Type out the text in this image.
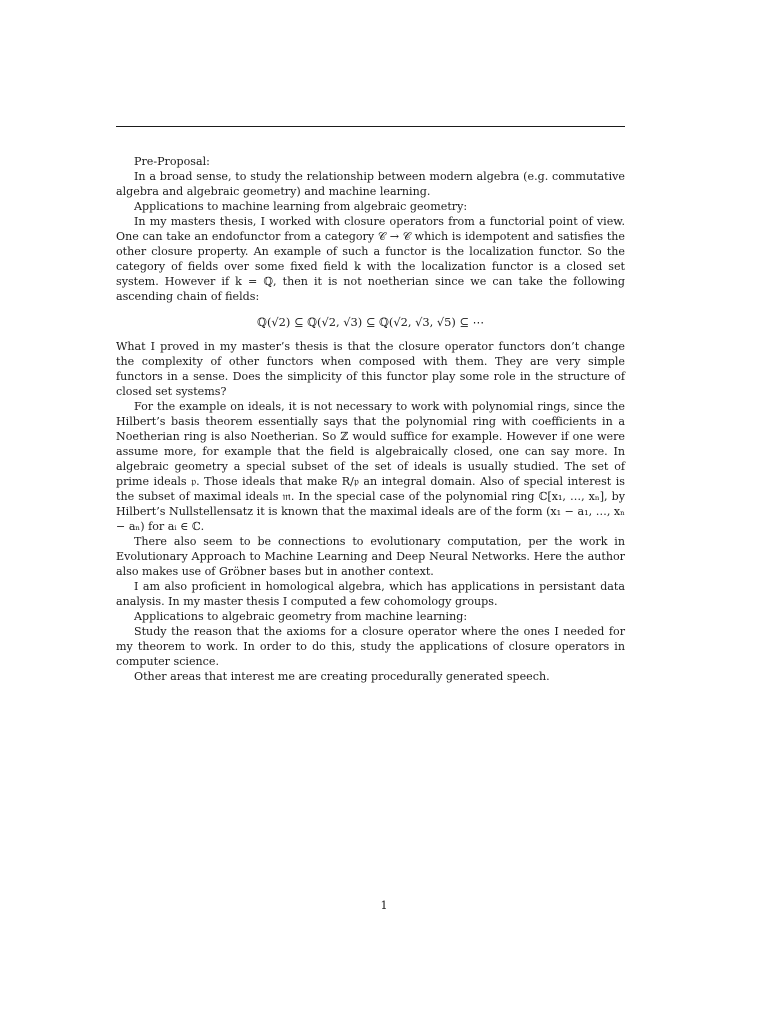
Pre-Proposal:

In a broad sense, to study the relationship between modern algebra (e.g. commutative algebra and algebraic geometry) and machine learning.

Applications to machine learning from algebraic geometry:

In my masters thesis, I worked with closure operators from a functorial point of view. One can take an endofunctor from a category 𝒞 → 𝒞 which is idempotent and satisfies the other closure property. An example of such a functor is the localization functor. So the category of fields over some fixed field k with the localization functor is a closed set system. However if k = ℚ, then it is not noetherian since we can take the following ascending chain of fields:

ℚ(√2) ⊆ ℚ(√2, √3) ⊆ ℚ(√2, √3, √5) ⊆ ⋯

What I proved in my master’s thesis is that the closure operator functors don’t change the complexity of other functors when composed with them. They are very simple functors in a sense. Does the simplicity of this functor play some role in the structure of closed set systems?

For the example on ideals, it is not necessary to work with polynomial rings, since the Hilbert’s basis theorem essentially says that the polynomial ring with coefficients in a Noetherian ring is also Noetherian. So ℤ would suffice for example. However if one were assume more, for example that the field is algebraically closed, one can say more. In algebraic geometry a special subset of the set of ideals is usually studied. The set of prime ideals 𝔭. Those ideals that make R/𝔭 an integral domain. Also of special interest is the subset of maximal ideals 𝔪. In the special case of the polynomial ring ℂ[x₁, …, xₙ], by Hilbert’s Nullstellensatz it is known that the maximal ideals are of the form (x₁ − a₁, …, xₙ − aₙ) for aᵢ ∈ ℂ.

There also seem to be connections to evolutionary computation, per the work in Evolutionary Approach to Machine Learning and Deep Neural Networks. Here the author also makes use of Gröbner bases but in another context.

I am also proficient in homological algebra, which has applications in persistant data analysis. In my master thesis I computed a few cohomology groups.

Applications to algebraic geometry from machine learning:

Study the reason that the axioms for a closure operator where the ones I needed for my theorem to work. In order to do this, study the applications of closure operators in computer science.

Other areas that interest me are creating procedurally generated speech.

1
